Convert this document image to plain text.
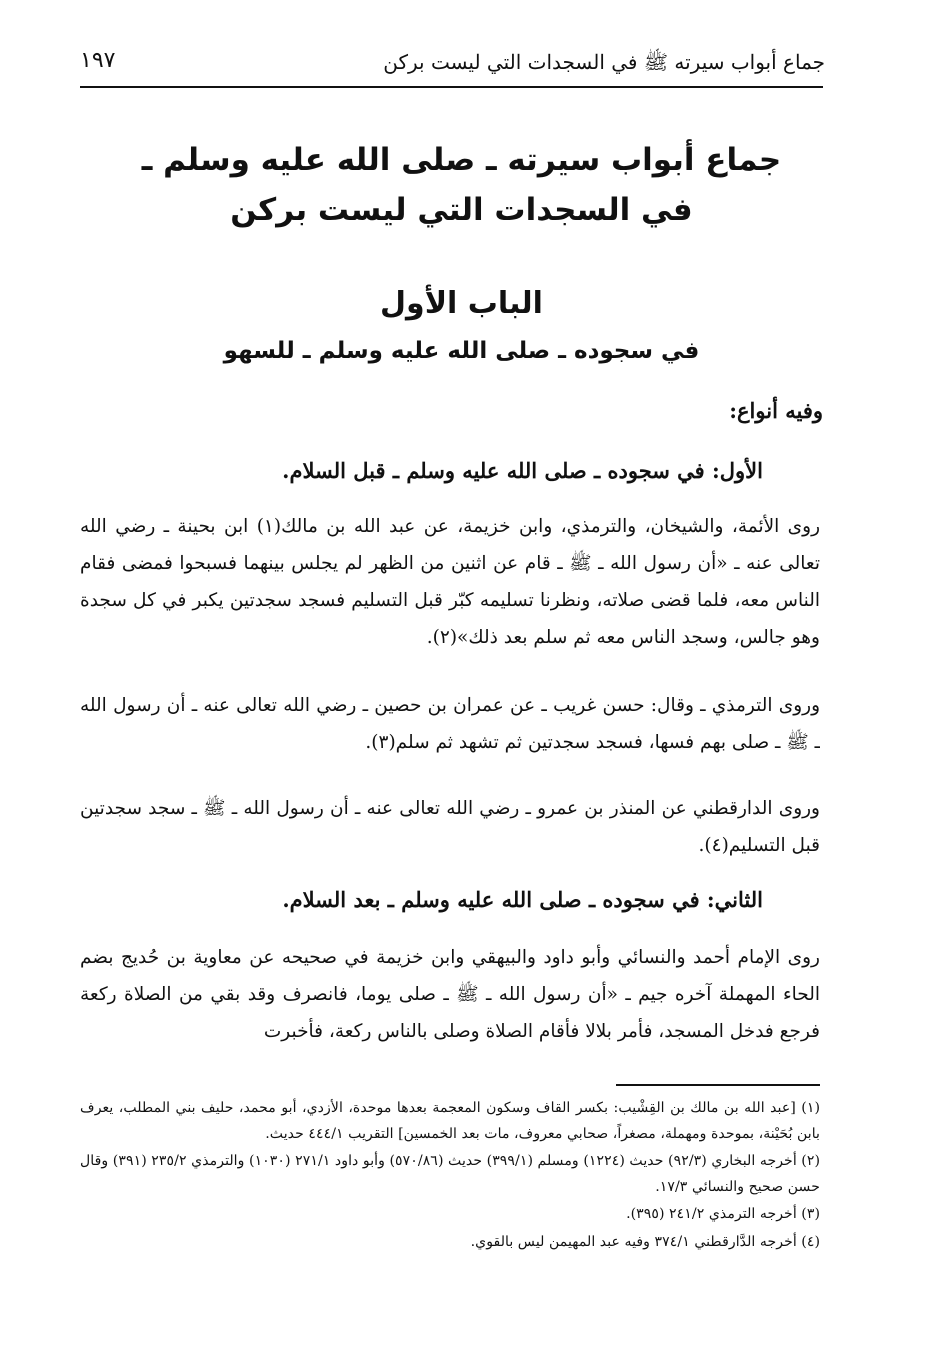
جماع أبواب سيرته ﷺ في السجدات التي ليست بركن
١٩٧
جماع أبواب سيرته ـ صلى الله عليه وسلم ـ
في السجدات التي ليست بركن
الباب الأول
في سجوده ـ صلى الله عليه وسلم ـ للسهو
وفيه أنواع:
الأول: في سجوده ـ صلى الله عليه وسلم ـ قبل السلام.
روى الأئمة، والشيخان، والترمذي، وابن خزيمة، عن عبد الله بن مالك(١) ابن بحينة ـ رضي الله تعالى عنه ـ «أن رسول الله ـ ﷺ ـ قام عن اثنين من الظهر لم يجلس بينهما فسبحوا فمضى فقام الناس معه، فلما قضى صلاته، ونظرنا تسليمه كبّر قبل التسليم فسجد سجدتين يكبر في كل سجدة وهو جالس، وسجد الناس معه ثم سلم بعد ذلك»(٢).
وروى الترمذي ـ وقال: حسن غريب ـ عن عمران بن حصين ـ رضي الله تعالى عنه ـ أن رسول الله ـ ﷺ ـ صلى بهم فسها، فسجد سجدتين ثم تشهد ثم سلم(٣).
وروى الدارقطني عن المنذر بن عمرو ـ رضي الله تعالى عنه ـ أن رسول الله ـ ﷺ ـ سجد سجدتين قبل التسليم(٤).
الثاني: في سجوده ـ صلى الله عليه وسلم ـ بعد السلام.
روى الإمام أحمد والنسائي وأبو داود والبيهقي وابن خزيمة في صحيحه عن معاوية بن حُديج بضم الحاء المهملة آخره جيم ـ «أن رسول الله ـ ﷺ ـ صلى يوما، فانصرف وقد بقي من الصلاة ركعة فرجع فدخل المسجد، فأمر بلالا فأقام الصلاة وصلى بالناس ركعة، فأخبرت
(١) [عبد الله بن مالك بن القِشْيب: بكسر القاف وسكون المعجمة بعدها موحدة، الأزدي، أبو محمد، حليف بني المطلب، يعرف بابن بُحَيْنة، بموحدة ومهملة، مصغراً، صحابي معروف، مات بعد الخمسين] التقريب ٤٤٤/١ حديث.
(٢) أخرجه البخاري (٩٢/٣) حديث (١٢٢٤) ومسلم (٣٩٩/١) حديث (٥٧٠/٨٦) وأبو داود ٢٧١/١ (١٠٣٠) والترمذي ٢٣٥/٢ (٣٩١) وقال حسن صحيح والنسائي ١٧/٣.
(٣) أخرجه الترمذي ٢٤١/٢ (٣٩٥).
(٤) أخرجه الدَّارقطني ٣٧٤/١ وفيه عبد المهيمن ليس بالقوي.
